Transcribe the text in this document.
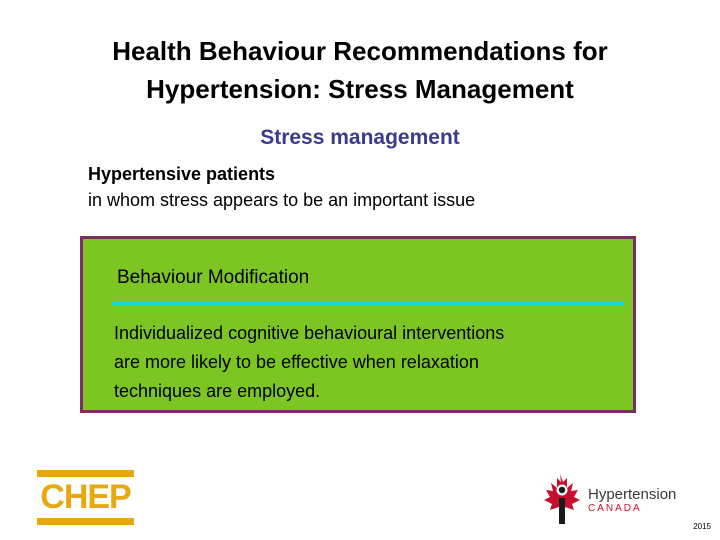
Health Behaviour Recommendations for
Hypertension: Stress Management
Stress management
Hypertensive patients
in whom stress appears to be an important issue
Behaviour Modification
Individualized cognitive behavioural interventions
are more likely to be effective when relaxation
techniques are employed.
CHEP	Hypertension
CANADA
2015
